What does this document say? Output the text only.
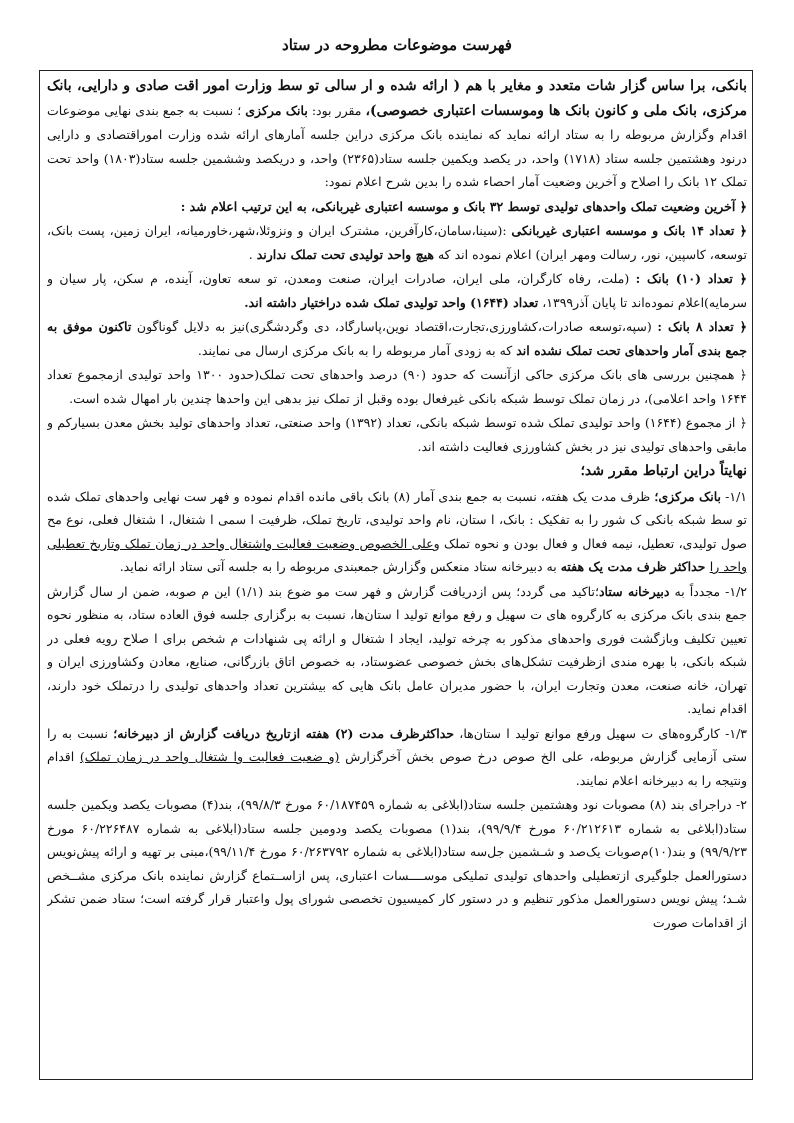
فهرست موضوعات مطروحه در ستاد

بانکی، برا ساس گزار شات متعدد و مغایر با هم ( ارائه شده و ار سالی تو سط وزارت امور اقت صادی و دارایی، بانک مرکزی، بانک ملی و کانون بانک ها وموسسات اعتباری خصوصی)، مقرر بود: بانک مرکزی ؛ نسبت به جمع بندی نهایی موضوعات اقدام وگزارش مربوطه را به ستاد ارائه نماید که نماینده بانک مرکزی دراین جلسه آمارهای ارائه شده وزارت اموراقتصادی و دارایی درنود وهشتمین جلسه ستاد (۱۷۱۸) واحد، در یکصد ویکمین جلسه ستاد(۲۳۶۵) واحد، و دریکصد وششمین جلسه ستاد(۱۸۰۳) واحد تحت تملک ۱۲ بانک را اصلاح و آخرین وضعیت آمار احصاء شده را بدین شرح اعلام نمود:

﴿ آخرین وضعیت تملک واحدهای تولیدی توسط ۳۲ بانک و موسسه اعتباری غیربانکی، به این ترتیب اعلام شد :

﴿ تعداد ۱۴ بانک و موسسه اعتباری غیربانکی :(سینا،سامان،کارآفرین، مشترک ایران و ونزوئلا،شهر،خاورمیانه، ایران زمین، پست بانک، توسعه، کاسپین، نور، رسالت ومهر ایران) اعلام نموده اند که هیچ واحد تولیدی تحت تملک ندارند .

﴿ تعداد (۱۰) بانک : (ملت، رفاه کارگران، ملی ایران، صادرات ایران، صنعت ومعدن، تو سعه تعاون، آینده، م سکن، پار سیان و سرمایه)اعلام نموده‌اند تا پایان آذر۱۳۹۹، تعداد (۱۶۴۴) واحد تولیدی تملک شده دراختیار داشته اند.

﴿ تعداد ۸ بانک : (سپه،توسعه صادرات،کشاورزی،تجارت،اقتصاد نوین،پاسارگاد، دی وگردشگری)نیز به دلایل گوناگون تاکنون موفق به جمع بندی آمار واحدهای تحت تملک نشده اند که به زودی آمار مربوطه را به بانک مرکزی ارسال می نمایند.

﴿ همچنین بررسی های بانک مرکزی حاکی ازآنست که حدود (۹۰) درصد واحدهای تحت تملک(حدود ۱۳۰۰ واحد تولیدی ازمجموع تعداد ۱۶۴۴ واحد اعلامی)، در زمان تملک توسط شبکه بانکی غیرفعال بوده وقبل از تملک نیز بدهی این واحدها چندین بار امهال شده است.

﴿ از مجموع (۱۶۴۴) واحد تولیدی تملک شده توسط شبکه بانکی، تعداد (۱۳۹۲) واحد صنعتی، تعداد واحدهای تولید بخش معدن بسیارکم و مابقی واحدهای تولیدی نیز در بخش کشاورزی فعالیت داشته اند.

نهایتاً دراین ارتباط مقرر شد؛

۱/۱- بانک مرکزی؛ ظرف مدت یک هفته، نسبت به جمع بندی آمار (۸) بانک باقی مانده اقدام نموده و فهر ست نهایی واحدهای تملک شده تو سط شبکه بانکی ک شور را به تفکیک : بانک، ا ستان، نام واحد تولیدی، تاریخ تملک، ظرفیت ا سمی ا شتغال، ا شتغال فعلی، نوع مح صول تولیدی، تعطیل، نیمه فعال و فعال بودن و نحوه تملک وعلی الخصوص وضعیت فعالیت واشتغال واحد در زمان تملک وتاریخ تعطیلی واحد را حداکثر ظرف مدت یک هفته به دبیرخانه ستاد منعکس وگزارش جمعبندی مربوطه را به جلسه آتی ستاد ارائه نماید.

۱/۲- مجدداً به دبیرخانه ستاد؛تاکید می گردد؛ پس ازدریافت گزارش و فهر ست مو ضوع بند (۱/۱) این م صوبه، ضمن ار سال گزارش جمع بندی بانک مرکزی به کارگروه های ت سهیل و رفع موانع تولید ا ستان‌ها، نسبت به برگزاری جلسه فوق العاده ستاد، به منظور نحوه تعیین تکلیف وبازگشت فوری واحدهای مذکور به چرخه تولید، ایجاد ا شتغال و ارائه پی شنهادات م شخص برای ا صلاح رویه فعلی در شبکه بانکی، با بهره مندی ازظرفیت تشکل‌های بخش خصوصی عضوستاد، به خصوص اتاق بازرگانی، صنایع، معادن وکشاورزی ایران و تهران، خانه صنعت، معدن وتجارت ایران، با حضور مدیران عامل بانک هایی که بیشترین تعداد واحدهای تولیدی را درتملک خود دارند، اقدام نماید.

۱/۳- کارگروه‌های ت سهیل ورفع موانع تولید ا ستان‌ها، حداکثرظرف مدت (۲) هفته ازتاریخ دریافت گزارش از دبیرخانه؛ نسبت به را ستی آزمایی گزارش مربوطه، علی الخ صوص درخ صوص بخش آخرگزارش (و ضعیت فعالیت وا شتغال واحد در زمان تملک) اقدام ونتیجه را به دبیرخانه اعلام نمایند.

۲- دراجرای بند (۸) مصوبات نود وهشتمین جلسه ستاد(ابلاغی به شماره ۶۰/۱۸۷۴۵۹ مورخ ۹۹/۸/۳)، بند(۴) مصوبات یکصد ویکمین جلسه ستاد(ابلاغی به شماره ۶۰/۲۱۲۶۱۳ مورخ ۹۹/۹/۴)، بند(۱) مصوبات یکصد ودومین جلسه ستاد(ابلاغی به شماره ۶۰/۲۲۶۴۸۷ مورخ ۹۹/۹/۲۳) و بند(۱۰)م‌صوبات یک‌صد و شـشمین جل‌سه ستاد(ابلاغی به شماره ۶۰/۲۶۳۷۹۲ مورخ ۹۹/۱۱/۴)،مبنی بر تهیه و ارائه پیش‌نویس دستورالعمل جلوگیری ازتعطیلی واحدهای تولیدی تملیکی موســــسات اعتباری، پس ازاســتماع گزارش نماینده بانک مرکزی مشــخص شـد؛ پیش نویس دستورالعمل مذکور تنظیم و در دستور کار کمیسیون تخصصی شورای پول واعتبار قرار گرفته است؛ ستاد ضمن تشکر از اقدامات صورت
